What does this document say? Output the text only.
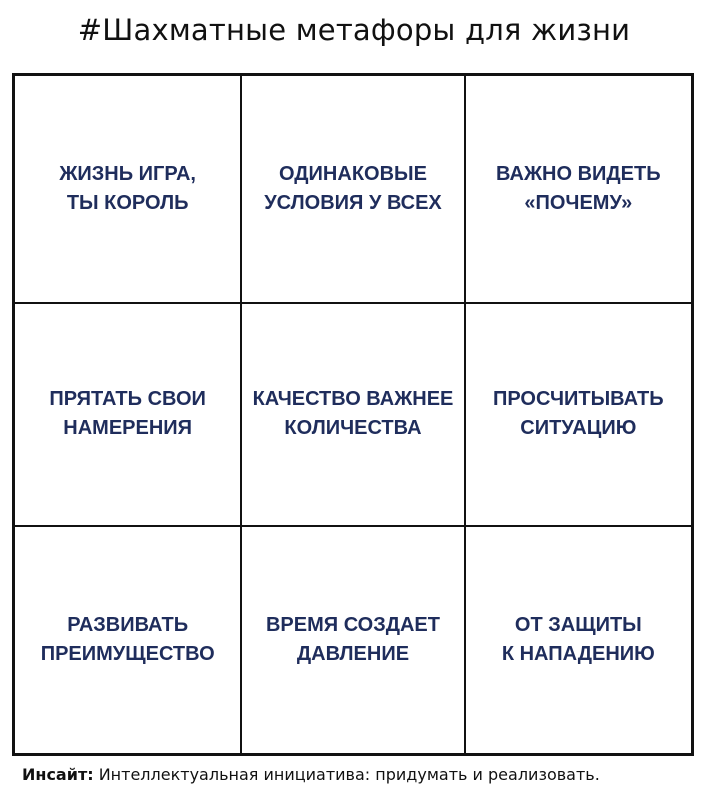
#Шахматные метафоры для жизни
ЖИЗНЬ ИГРА,
ТЫ КОРОЛЬ
ОДИНАКОВЫЕ
УСЛОВИЯ У ВСЕХ
ВАЖНО ВИДЕТЬ
«ПОЧЕМУ»
ПРЯТАТЬ СВОИ
НАМЕРЕНИЯ
КАЧЕСТВО ВАЖНЕЕ
КОЛИЧЕСТВА
ПРОСЧИТЫВАТЬ
СИТУАЦИЮ
РАЗВИВАТЬ
ПРЕИМУЩЕСТВО
ВРЕМЯ СОЗДАЕТ
ДАВЛЕНИЕ
ОТ ЗАЩИТЫ
К НАПАДЕНИЮ
Инсайт: Интеллектуальная инициатива: придумать и реализовать.
